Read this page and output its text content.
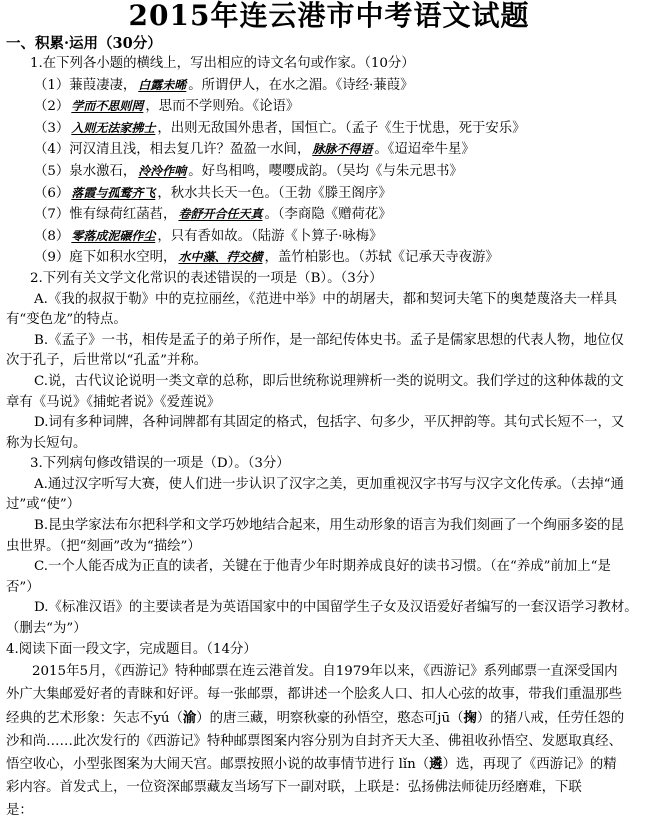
2015年连云港市中考语文试题
一、积累·运用（30分）
1.在下列各小题的横线上，写出相应的诗文名句或作家。（10分）
（1）蒹葭凄凄， 白露未晞 。所谓伊人，在水之湄。《诗经·蒹葭》
（2） 学而不思则罔 ，思而不学则殆。《论语》
（3） 入则无法家拂士 ，出则无敌国外患者，国恒亡。（孟子《生于忧患，死于安乐》
（4）河汉清且浅，相去复几许？盈盈一水间， 脉脉不得语 。《迢迢牵牛星》
（5）泉水激石， 泠泠作响 。好鸟相鸣，嘤嘤成韵。（吴均《与朱元思书》
（6） 落霞与孤鹜齐飞 ，秋水共长天一色。（王勃《滕王阁序》
（7）惟有绿荷红菡萏， 卷舒开合任天真 。（李商隐《赠荷花》
（8） 零落成泥碾作尘 ，只有香如故。（陆游《卜算子·咏梅》
（9）庭下如积水空明， 水中藻、荇交横 ，盖竹柏影也。（苏轼《记承天寺夜游》
2.下列有关文学文化常识的表述错误的一项是（B）。（3分）
A.《我的叔叔于勒》中的克拉丽丝，《范进中举》中的胡屠夫，都和契诃夫笔下的奥楚蔑洛夫一样具
有“变色龙”的特点。
B.《孟子》一书，相传是孟子的弟子所作，是一部纪传体史书。孟子是儒家思想的代表人物，地位仅
次于孔子，后世常以“孔孟”并称。
C.说，古代议论说明一类文章的总称，即后世统称说理辨析一类的说明文。我们学过的这种体裁的文
章有《马说》《捕蛇者说》《爱莲说》
D.词有多种词牌，各种词牌都有其固定的格式，包括字、句多少，平仄押韵等。其句式长短不一，又
称为长短句。
3.下列病句修改错误的一项是（D）。（3分）
A.通过汉字听写大赛，使人们进一步认识了汉字之美，更加重视汉字书写与汉字文化传承。（去掉“通
过”或“使”）
B.昆虫学家法布尔把科学和文学巧妙地结合起来，用生动形象的语言为我们刻画了一个绚丽多姿的昆
虫世界。（把“刻画”改为“描绘”）
C.一个人能否成为正直的读者，关键在于他青少年时期养成良好的读书习惯。（在“养成”前加上“是
否”）
D.《标准汉语》的主要读者是为英语国家中的中国留学生子女及汉语爱好者编写的一套汉语学习教材。
（删去“为”）
4.阅读下面一段文字，完成题目。（14分）
2015年5月，《西游记》特种邮票在连云港首发。自1979年以来，《西游记》系列邮票一直深受国内
外广大集邮爱好者的青睐和好评。每一张邮票，都讲述一个脍炙人口、扣人心弦的故事，带我们重温那些
经典的艺术形象：矢志不yú（渝）的唐三藏，明察秋豪的孙悟空，憨态可jū（掬）的猪八戒，任劳任怨的
沙和尚……此次发行的《西游记》特种邮票图案内容分别为自封齐天大圣、佛祖收孙悟空、发愿取真经、
悟空收心，小型张图案为大闹天宫。邮票按照小说的故事情节进行 lǐn（遴）选，再现了《西游记》的精
彩内容。首发式上，一位资深邮票藏友当场写下一副对联，上联是：弘扬佛法师徒历经磨难，下联
是：
